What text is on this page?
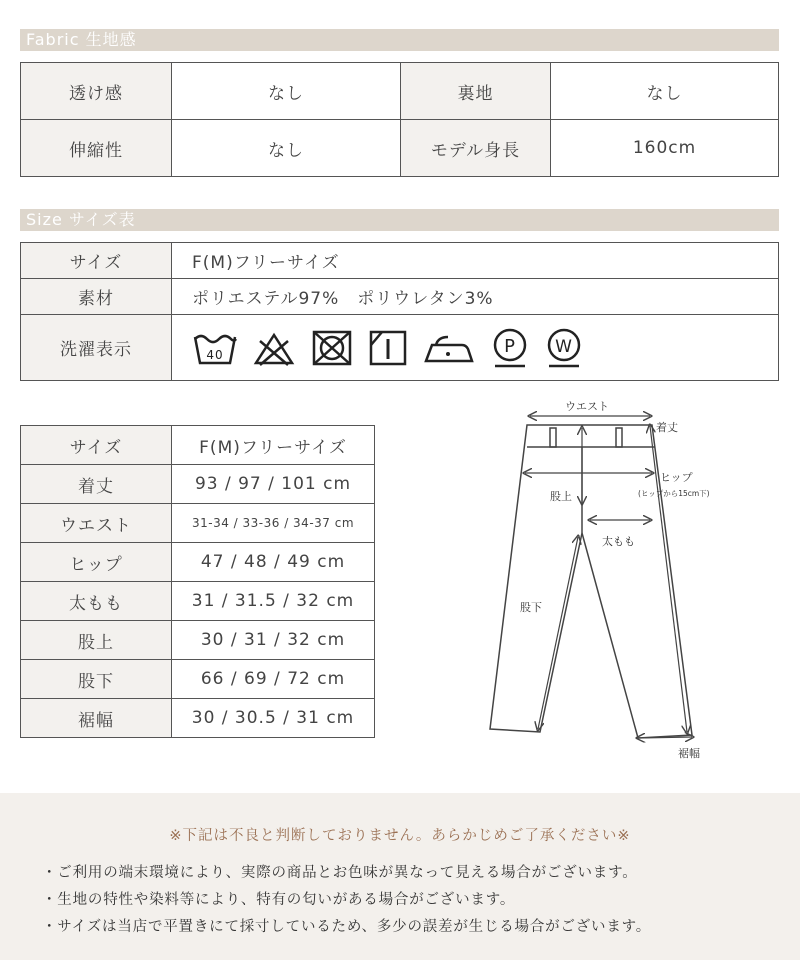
Fabric 生地感
透け感	なし	裏地	なし
伸縮性	なし	モデル身長	160cm
Size サイズ表
サイズ	F(M)フリーサイズ
素材	ポリエステル97%　ポリウレタン3%
洗濯表示	40 P W
サイズ	F(M)フリーサイズ
着丈	93 / 97 / 101 cm
ウエスト	31-34 / 33-36 / 34-37 cm
ヒップ	47 / 48 / 49 cm
太もも	31 / 31.5 / 32 cm
股上	30 / 31 / 32 cm
股下	66 / 69 / 72 cm
裾幅	30 / 30.5 / 31 cm
ウエスト
着丈
ヒップ
(ヒップから15cm下)
股上
太もも
股下
裾幅
※下記は不良と判断しておりません。あらかじめご了承ください※
・ご利用の端末環境により、実際の商品とお色味が異なって見える場合がございます。
・生地の特性や染料等により、特有の匂いがある場合がございます。
・サイズは当店で平置きにて採寸しているため、多少の誤差が生じる場合がございます。
